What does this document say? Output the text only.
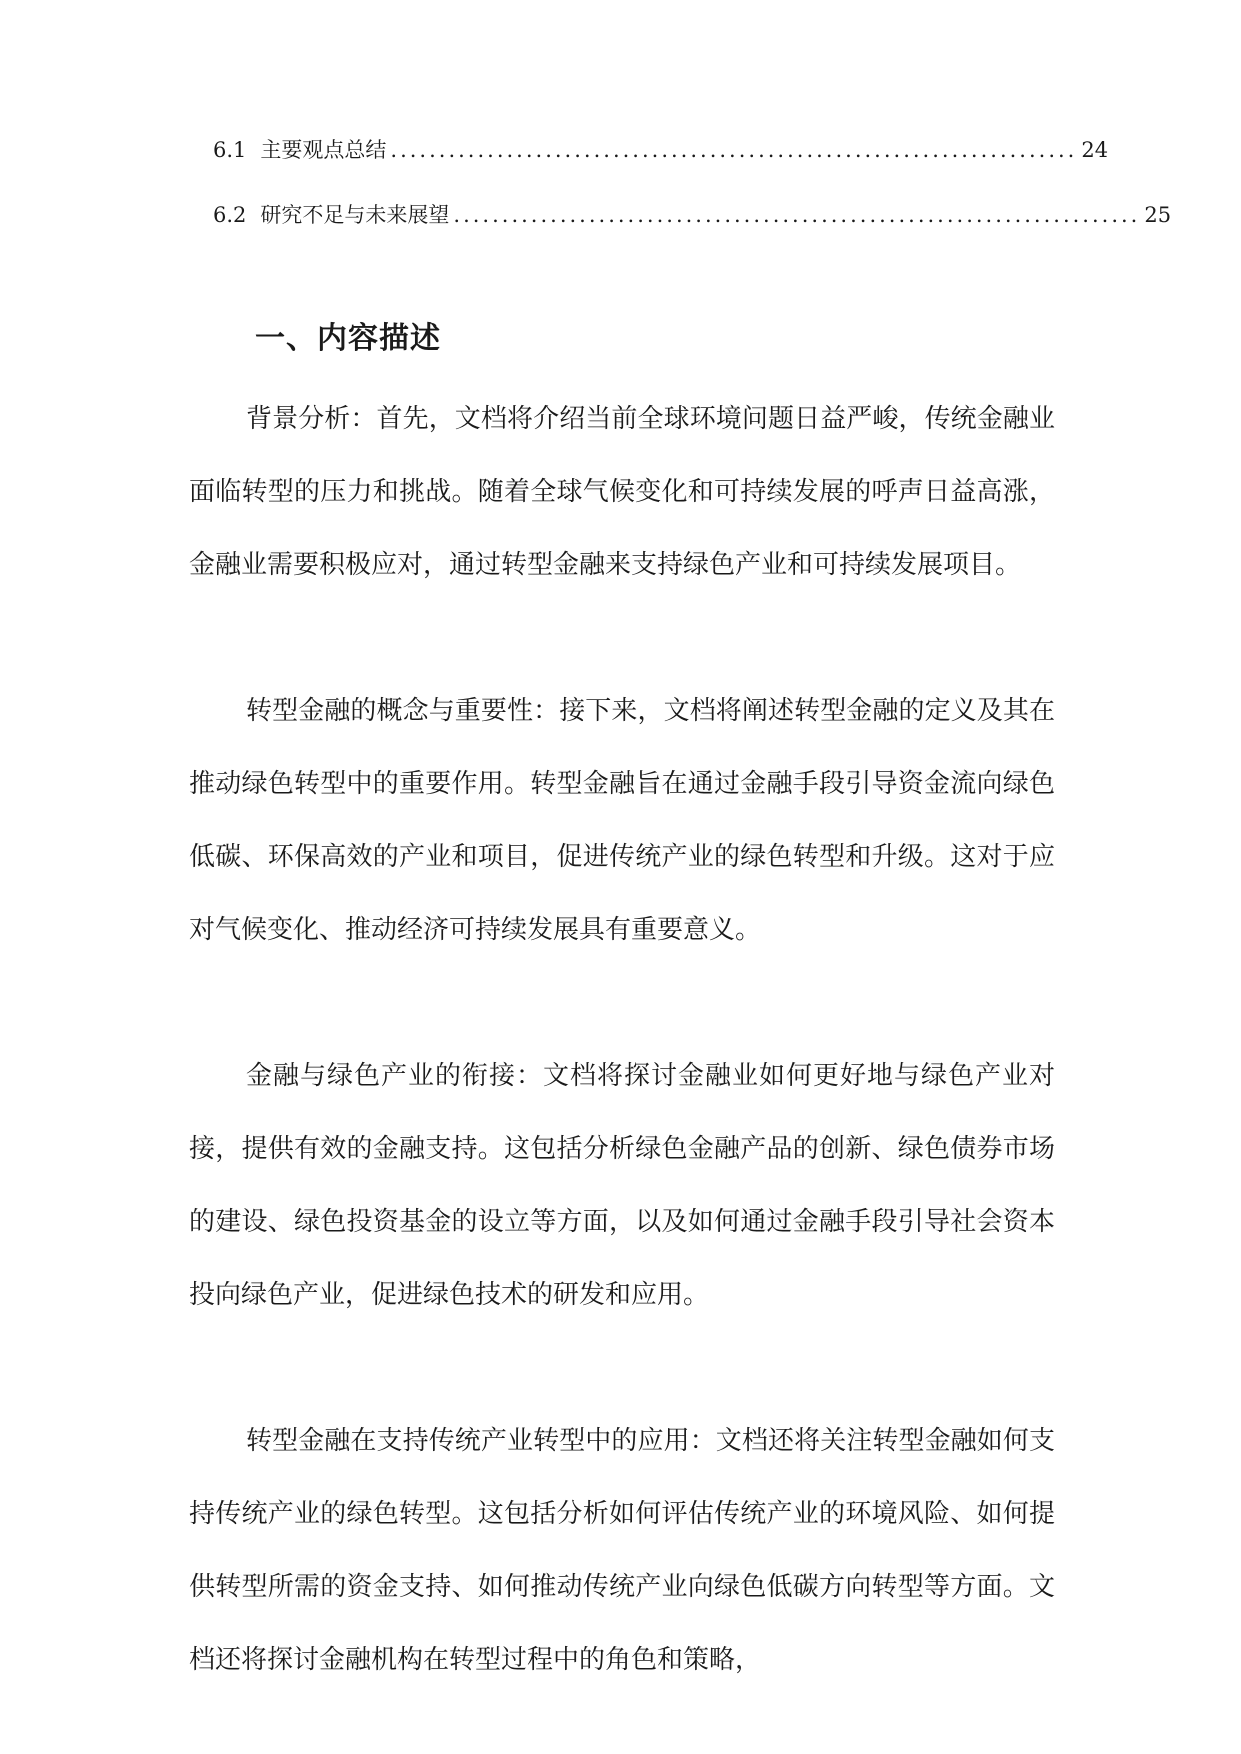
6.1 主要观点总结 ....................................................................... 24
6.2 研究不足与未来展望 ....................................................................... 25
一、内容描述

背景分析：首先，文档将介绍当前全球环境问题日益严峻，传统金融业面临转型的压力和挑战。随着全球气候变化和可持续发展的呼声日益高涨，金融业需要积极应对，通过转型金融来支持绿色产业和可持续发展项目。

转型金融的概念与重要性：接下来，文档将阐述转型金融的定义及其在推动绿色转型中的重要作用。转型金融旨在通过金融手段引导资金流向绿色低碳、环保高效的产业和项目，促进传统产业的绿色转型和升级。这对于应对气候变化、推动经济可持续发展具有重要意义。

金融与绿色产业的衔接：文档将探讨金融业如何更好地与绿色产业对接，提供有效的金融支持。这包括分析绿色金融产品的创新、绿色债券市场的建设、绿色投资基金的设立等方面，以及如何通过金融手段引导社会资本投向绿色产业，促进绿色技术的研发和应用。

转型金融在支持传统产业转型中的应用：文档还将关注转型金融如何支持传统产业的绿色转型。这包括分析如何评估传统产业的环境风险、如何提供转型所需的资金支持、如何推动传统产业向绿色低碳方向转型等方面。文档还将探讨金融机构在转型过程中的角色和策略，
